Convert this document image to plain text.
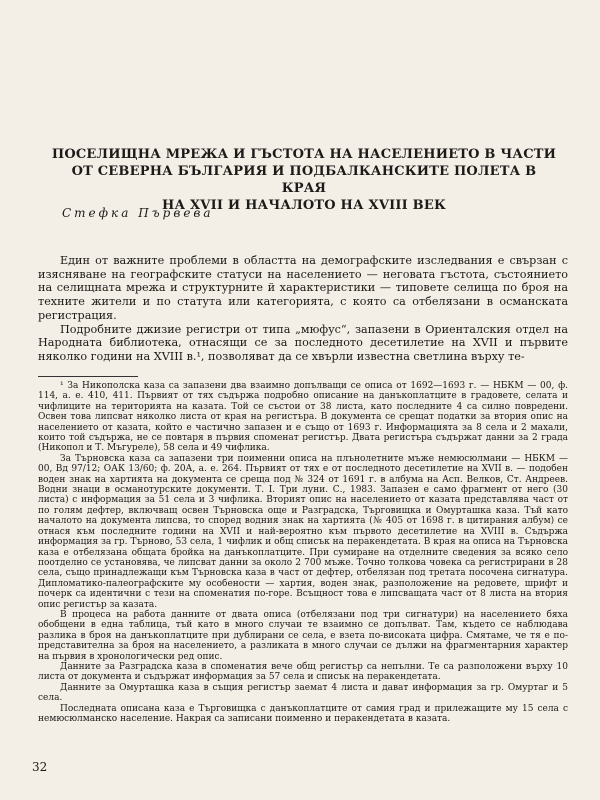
ПОСЕЛИЩНА МРЕЖА И ГЪСТОТА НА НАСЕЛЕНИЕТО В ЧАСТИ
ОТ СЕВЕРНА БЪЛГАРИЯ И ПОДБАЛКАНСКИТЕ ПОЛЕТА В КРАЯ
НА XVII И НАЧАЛОТО НА XVIII ВЕК
Стефка Първева

Един от важните проблеми в областта на демографските изследвания е свързан с изясняване на географските статуси на населението — неговата гъстота, състоянието на селищната мрежа и структурните й характеристики — типовете селища по броя на техните жители и по статута или категорията, с която са отбелязани в османската регистрация.

Подробните джизие регистри от типа „мюфус“, запазени в Ориенталския отдел на Народната библиотека, отнасящи се за последното десетилетие на XVII и първите няколко години на XVIII в.¹, позволяват да се хвърли известна светлина върху те-

¹ За Никополска каза са запазени два взаимно допълващи се описа от 1692—1693 г. — НБКМ — 00, ф. 114, а. е. 410, 411. Първият от тях съдържа подробно описание на данъкоплатците в градовете, селата и чифлиците на територията на казата. Той се състои от 38 листа, като последните 4 са силно повредени. Освен това липсват няколко листа от края на регистъра. В документа се срещат податки за втория опис на населението от казата, който е частично запазен и е също от 1693 г. Информацията за 8 села и 2 махали, които той съдържа, не се повтаря в първия споменат регистър. Двата регистъра съдържат данни за 2 града (Никопол и Т. Мъгуреле), 58 села и 49 чифлика.

За Търновска каза са запазени три поименни описа на плънолетните мъже немюсюлмани — НБКМ — 00, Вд 97/12; ОАК 13/60; ф. 20А, а. е. 264. Първият от тях е от последното десетилетие на XVII в. — подобен воден знак на хартията на документа се среща под № 324 от 1691 г. в албума на Асп. Велков, Ст. Андреев. Водни знаци в османотурските документи. Т. I. Три луни. С., 1983. Запазен е само фрагмент от него (30 листа) с информация за 51 села и 3 чифлика. Вторият опис на населението от казата представлява част от по голям дефтер, включващ освен Търновска още и Разградска, Търговищка и Омурташка каза. Тъй като началото на документа липсва, то според водния знак на хартията (№ 405 от 1698 г. в цитирания албум) се отнася към последните години на XVII и най-вероятно към първото десетилетие на XVIII в. Съдържа информация за гр. Търново, 53 села, 1 чифлик и общ списък на перакендетата. В края на описа на Търновска каза е отбелязана общата бройка на данъкоплатците. При сумиране на отделните сведения за всяко село поотделно се установява, че липсват данни за около 2 700 мъже. Точно толкова човека са регистрирани в 28 села, също принадлежащи към Търновска каза в част от дефтер, отбелязан под третата посочена сигнатура. Дипломатико-палеографските му особености — хартия, воден знак, разположение на редовете, шрифт и почерк са идентични с тези на споменатия по-горе. Всъщност това е липсващата част от 8 листа на втория опис регистър за казата.

В процеса на работа данните от двата описа (отбелязани под три сигнатури) на населението бяха обобщени в една таблица, тъй като в много случаи те взаимно се допълват. Там, където се наблюдава разлика в броя на данъкоплатците при дублирани се села, е взета по-високата цифра. Смятаме, че тя е по-представителна за броя на населението, а разликата в много случаи се дължи на фрагментарния характер на първия в хронологически ред опис.

Данните за Разградска каза в споменатия вече общ регистър са непълни. Те са разположени върху 10 листа от документа и съдържат информация за 57 села и списък на перакендетата.

Данните за Омурташка каза в същия регистър заемат 4 листа и дават информация за гр. Омуртаг и 5 села.

Последната описана каза е Търговищка с данъкоплатците от самия град и прилежащите му 15 села с немюсюлманско население. Накрая са записани поименно и перакендетата в казата.

32
